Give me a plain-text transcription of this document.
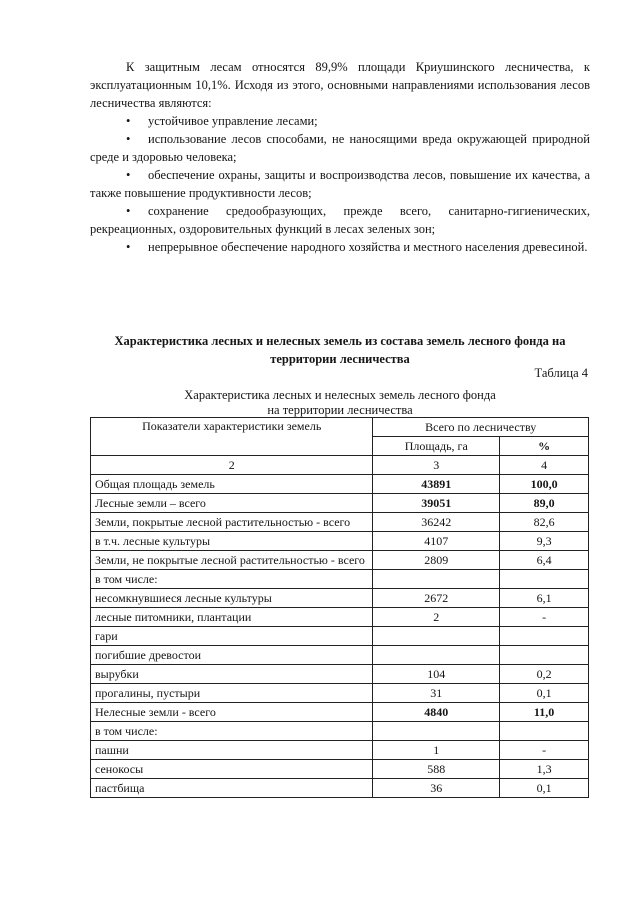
К защитным лесам относятся 89,9% площади Криушинского лесничества, к эксплуатационным 10,1%. Исходя из этого, основными направлениями использования лесов лесничества являются:

• устойчивое управление лесами;

• использование лесов способами, не наносящими вреда окружающей природной среде и здоровью человека;

• обеспечение охраны, защиты и воспроизводства лесов, повышение их качества, а также повышение продуктивности лесов;

• сохранение средообразующих, прежде всего, санитарно-гигиенических, рекреационных, оздоровительных функций в лесах зеленых зон;

• непрерывное обеспечение народного хозяйства и местного населения древесиной.

Характеристика лесных и нелесных земель из состава земель лесного фонда на территории лесничества

Таблица 4

Характеристика лесных и нелесных земель лесного фонда

на территории лесничества

Показатели характеристики земель	Всего по лесничеству	
	Площадь, га	%
2	3	4
Общая площадь земель	43891	100,0
Лесные земли – всего	39051	89,0
Земли, покрытые лесной растительностью - всего	36242	82,6
в т.ч. лесные культуры	4107	9,3
Земли, не покрытые лесной растительностью - всего	2809	6,4
в том числе:		
несомкнувшиеся лесные культуры	2672	6,1
лесные питомники, плантации	2	-
гари		
погибшие древостои		
вырубки	104	0,2
прогалины, пустыри	31	0,1
Нелесные земли - всего	4840	11,0
в том числе:		
пашни	1	-
сенокосы	588	1,3
пастбища	36	0,1
